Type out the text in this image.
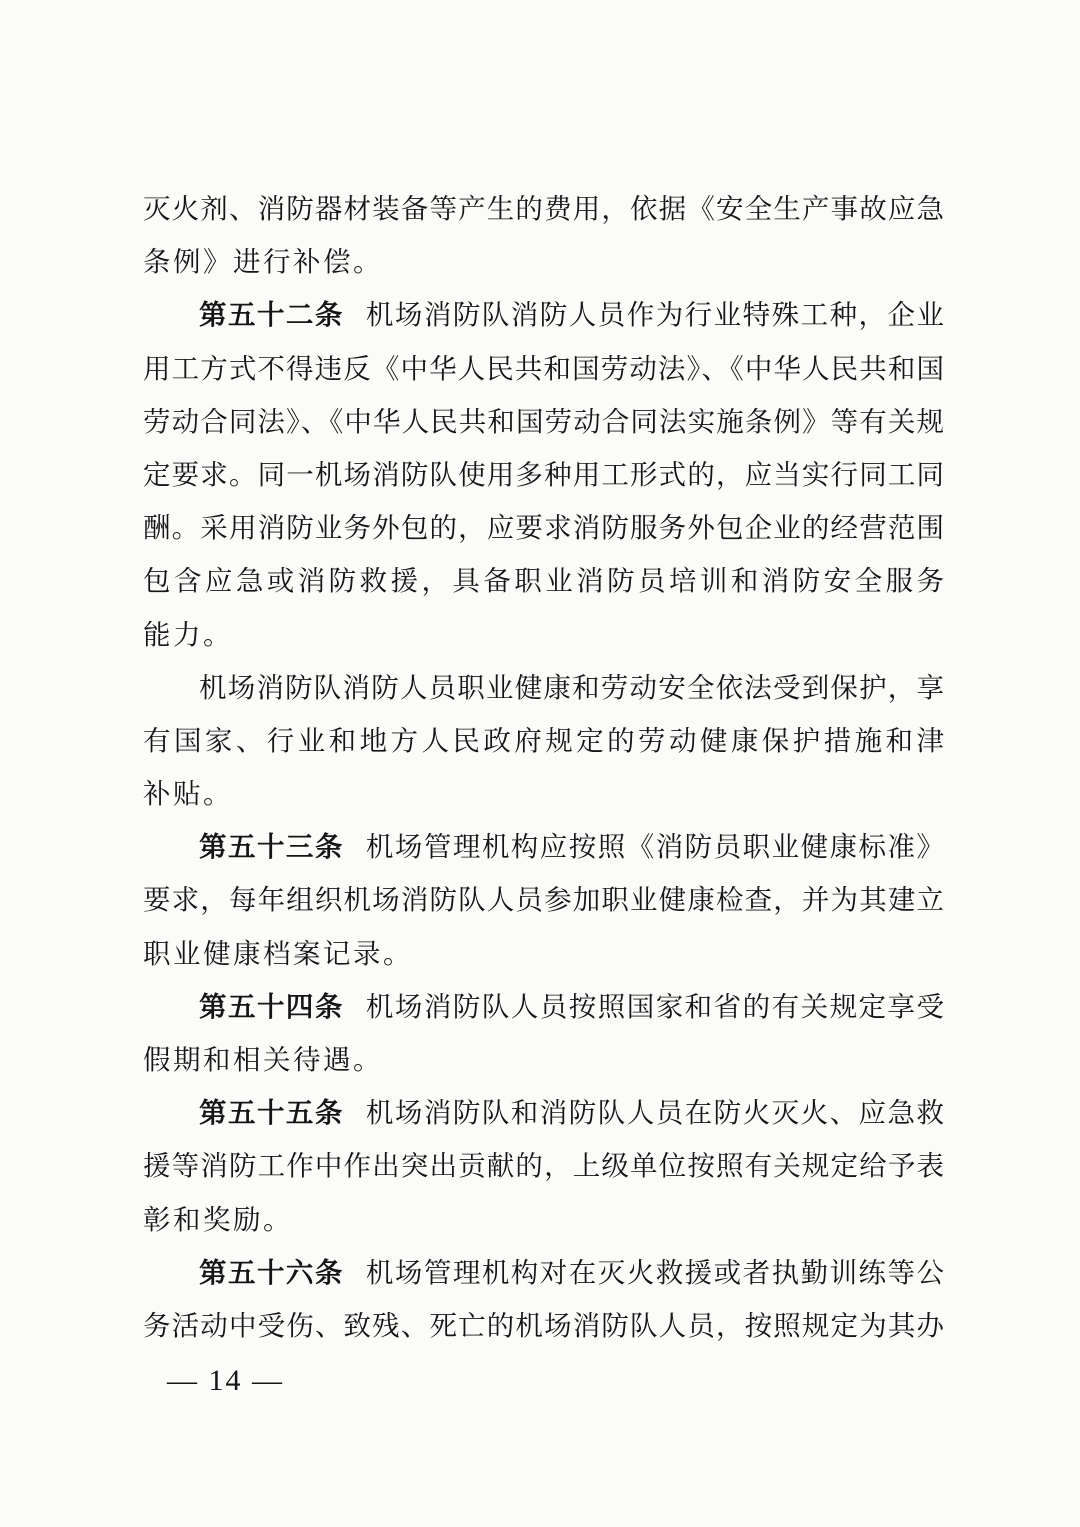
灭火剂、消防器材装备等产生的费用，依据《安全生产事故应急
条例》进行补偿。
第五十二条 机场消防队消防人员作为行业特殊工种，企业
用工方式不得违反《中华人民共和国劳动法》、《中华人民共和国
劳动合同法》、《中华人民共和国劳动合同法实施条例》等有关规
定要求。同一机场消防队使用多种用工形式的，应当实行同工同
酬。采用消防业务外包的，应要求消防服务外包企业的经营范围
包含应急或消防救援，具备职业消防员培训和消防安全服务
能力。
机场消防队消防人员职业健康和劳动安全依法受到保护，享
有国家、行业和地方人民政府规定的劳动健康保护措施和津
补贴。
第五十三条 机场管理机构应按照《消防员职业健康标准》
要求，每年组织机场消防队人员参加职业健康检查，并为其建立
职业健康档案记录。
第五十四条 机场消防队人员按照国家和省的有关规定享受
假期和相关待遇。
第五十五条 机场消防队和消防队人员在防火灭火、应急救
援等消防工作中作出突出贡献的，上级单位按照有关规定给予表
彰和奖励。
第五十六条 机场管理机构对在灭火救援或者执勤训练等公
务活动中受伤、致残、死亡的机场消防队人员，按照规定为其办
— 14 —
